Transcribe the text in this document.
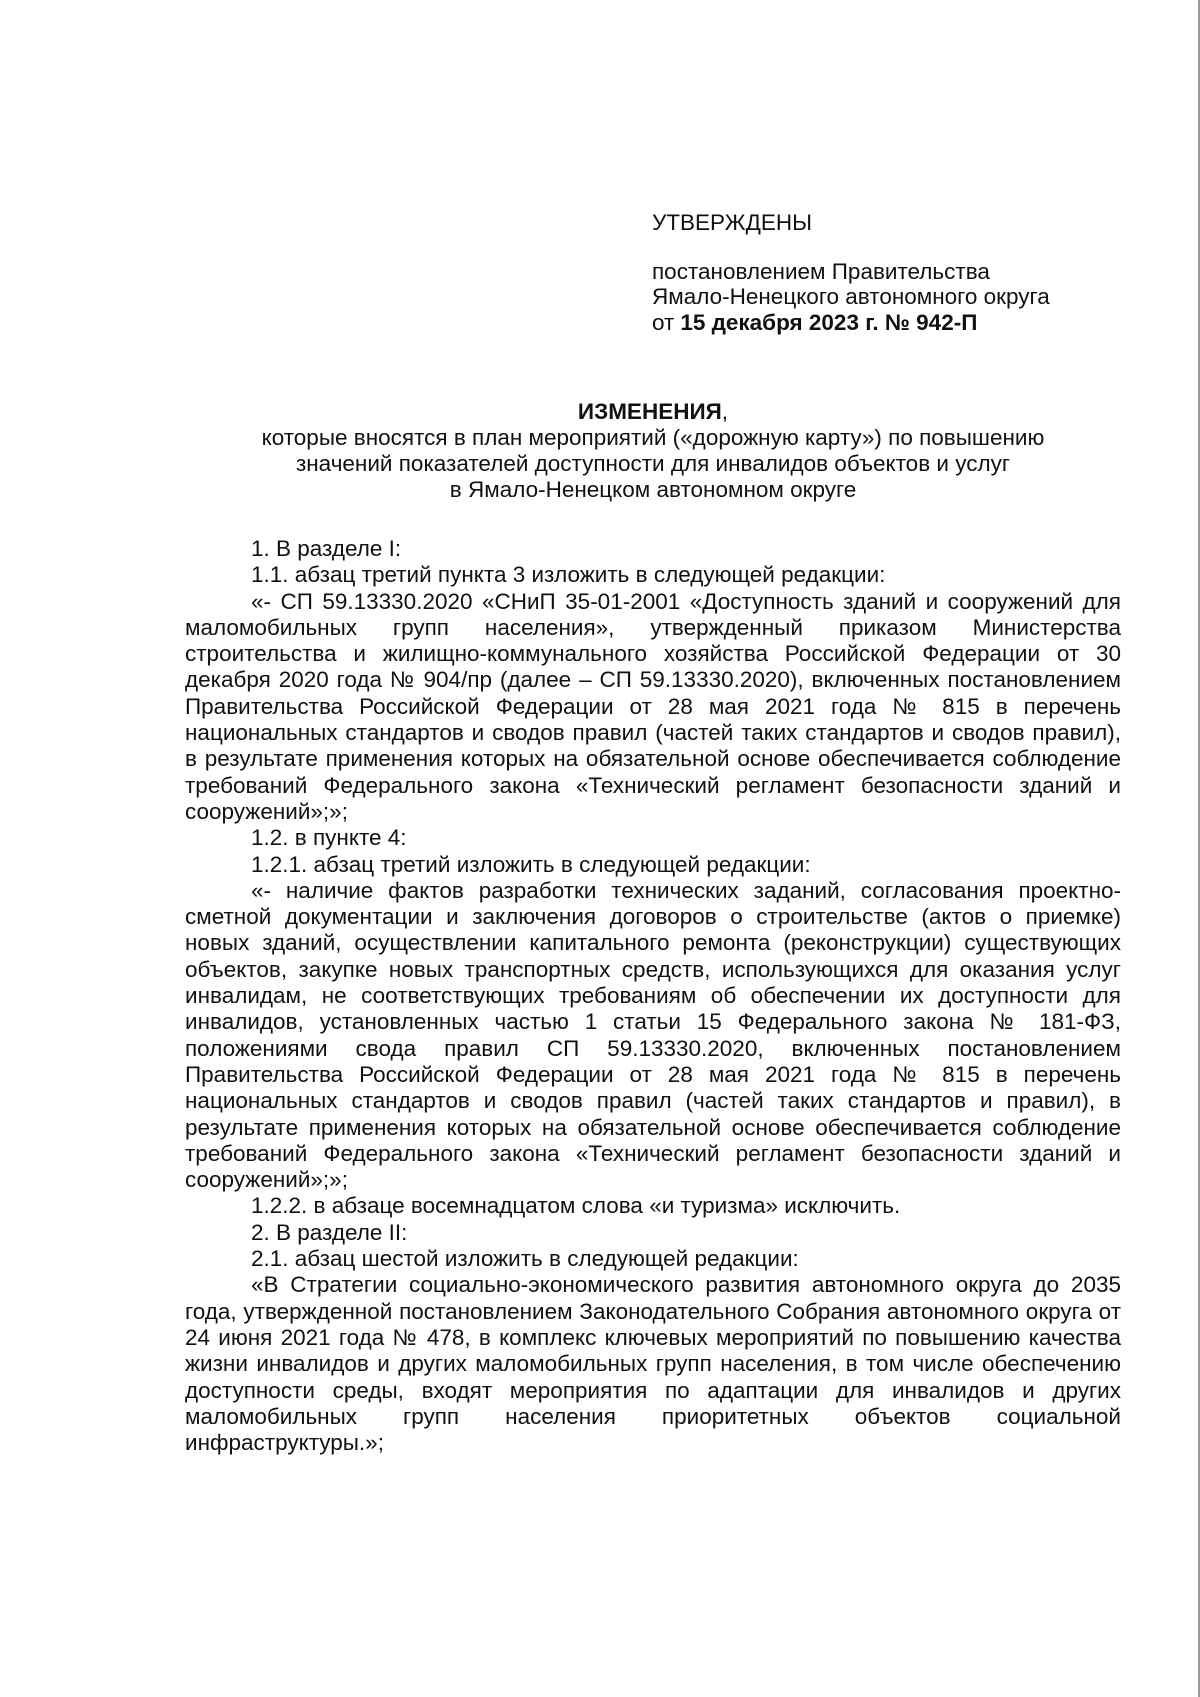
УТВЕРЖДЕНЫ
постановлением Правительства
Ямало-Ненецкого автономного округа
от 15 декабря 2023 г. № 942-П
ИЗМЕНЕНИЯ,
которые вносятся в план мероприятий («дорожную карту») по повышению
значений показателей доступности для инвалидов объектов и услуг
в Ямало-Ненецком автономном округе

1. В разделе I:

1.1. абзац третий пункта 3 изложить в следующей редакции:

«- СП 59.13330.2020 «СНиП 35-01-2001 «Доступность зданий и сооружений для маломобильных групп населения», утвержденный приказом Министерства строительства и жилищно-коммунального хозяйства Российской Федерации от 30 декабря 2020 года № 904/пр (далее – СП 59.13330.2020), включенных постановлением Правительства Российской Федерации от 28 мая 2021 года № 815 в перечень национальных стандартов и сводов правил (частей таких стандартов и сводов правил), в результате применения которых на обязательной основе обеспечивается соблюдение требований Федерального закона «Технический регламент безопасности зданий и сооружений»;»;

1.2. в пункте 4:

1.2.1. абзац третий изложить в следующей редакции:

«- наличие фактов разработки технических заданий, согласования проектно-сметной документации и заключения договоров о строительстве (актов о приемке) новых зданий, осуществлении капитального ремонта (реконструкции) существующих объектов, закупке новых транспортных средств, использующихся для оказания услуг инвалидам, не соответствующих требованиям об обеспечении их доступности для инвалидов, установленных частью 1 статьи 15 Федерального закона № 181-ФЗ, положениями свода правил СП 59.13330.2020, включенных постановлением Правительства Российской Федерации от 28 мая 2021 года № 815 в перечень национальных стандартов и сводов правил (частей таких стандартов и правил), в результате применения которых на обязательной основе обеспечивается соблюдение требований Федерального закона «Технический регламент безопасности зданий и сооружений»;»;

1.2.2. в абзаце восемнадцатом слова «и туризма» исключить.

2. В разделе II:

2.1. абзац шестой изложить в следующей редакции:

«В Стратегии социально-экономического развития автономного округа до 2035 года, утвержденной постановлением Законодательного Собрания автономного округа от 24 июня 2021 года № 478, в комплекс ключевых мероприятий по повышению качества жизни инвалидов и других маломобильных групп населения, в том числе обеспечению доступности среды, входят мероприятия по адаптации для инвалидов и других маломобильных групп населения приоритетных объектов социальной инфраструктуры.»;
